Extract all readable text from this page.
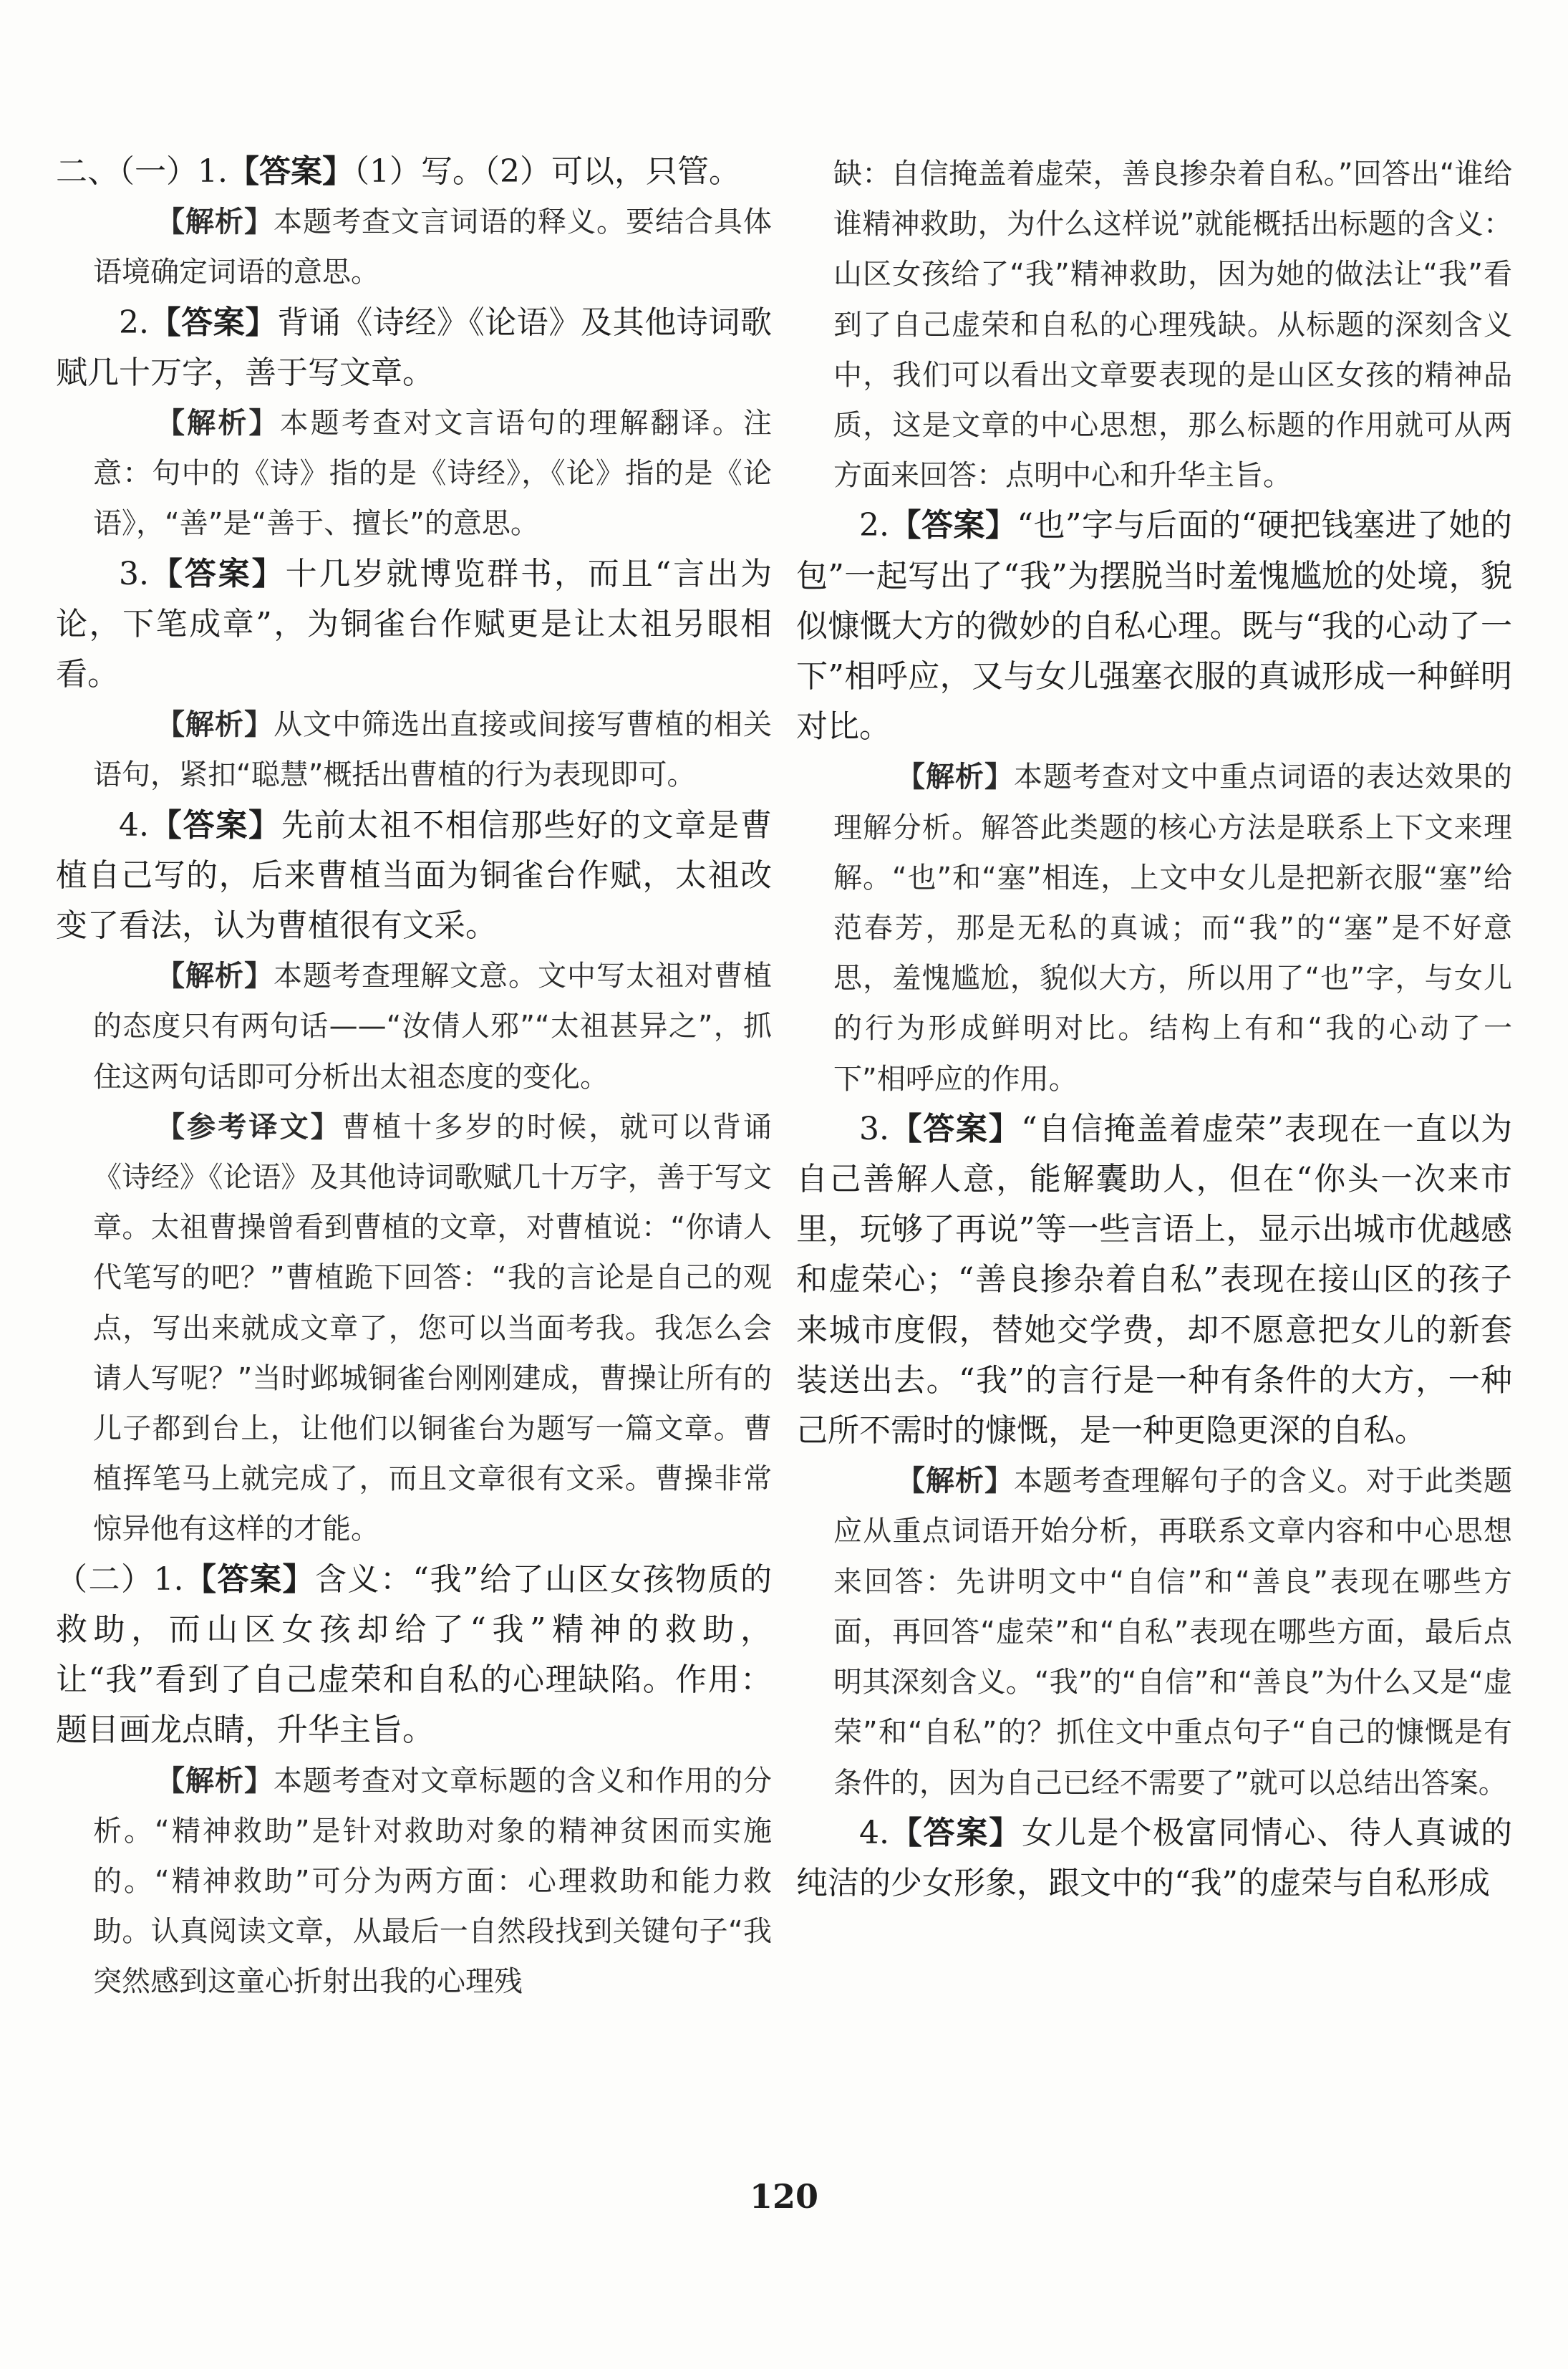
二、（一）1.【答案】（1）写。（2）可以，只管。

【解析】本题考查文言词语的释义。要结合具体语境确定词语的意思。

2.【答案】背诵《诗经》《论语》及其他诗词歌赋几十万字，善于写文章。

【解析】本题考查对文言语句的理解翻译。注意：句中的《诗》指的是《诗经》，《论》指的是《论语》，“善”是“善于、擅长”的意思。

3.【答案】十几岁就博览群书，而且“言出为论，下笔成章”，为铜雀台作赋更是让太祖另眼相看。

【解析】从文中筛选出直接或间接写曹植的相关语句，紧扣“聪慧”概括出曹植的行为表现即可。

4.【答案】先前太祖不相信那些好的文章是曹植自己写的，后来曹植当面为铜雀台作赋，太祖改变了看法，认为曹植很有文采。

【解析】本题考查理解文意。文中写太祖对曹植的态度只有两句话——“汝倩人邪”“太祖甚异之”，抓住这两句话即可分析出太祖态度的变化。

【参考译文】曹植十多岁的时候，就可以背诵《诗经》《论语》及其他诗词歌赋几十万字，善于写文章。太祖曹操曾看到曹植的文章，对曹植说：“你请人代笔写的吧？”曹植跪下回答：“我的言论是自己的观点，写出来就成文章了，您可以当面考我。我怎么会请人写呢？”当时邺城铜雀台刚刚建成，曹操让所有的儿子都到台上，让他们以铜雀台为题写一篇文章。曹植挥笔马上就完成了，而且文章很有文采。曹操非常惊异他有这样的才能。

（二）1.【答案】含义：“我”给了山区女孩物质的救助，而山区女孩却给了“我”精神的救助，让“我”看到了自己虚荣和自私的心理缺陷。作用：题目画龙点睛，升华主旨。

【解析】本题考查对文章标题的含义和作用的分析。“精神救助”是针对救助对象的精神贫困而实施的。“精神救助”可分为两方面：心理救助和能力救助。认真阅读文章，从最后一自然段找到关键句子“我突然感到这童心折射出我的心理残

缺：自信掩盖着虚荣，善良掺杂着自私。”回答出“谁给谁精神救助，为什么这样说”就能概括出标题的含义：山区女孩给了“我”精神救助，因为她的做法让“我”看到了自己虚荣和自私的心理残缺。从标题的深刻含义中，我们可以看出文章要表现的是山区女孩的精神品质，这是文章的中心思想，那么标题的作用就可从两方面来回答：点明中心和升华主旨。

2.【答案】“也”字与后面的“硬把钱塞进了她的包”一起写出了“我”为摆脱当时羞愧尴尬的处境，貌似慷慨大方的微妙的自私心理。既与“我的心动了一下”相呼应，又与女儿强塞衣服的真诚形成一种鲜明对比。

【解析】本题考查对文中重点词语的表达效果的理解分析。解答此类题的核心方法是联系上下文来理解。“也”和“塞”相连，上文中女儿是把新衣服“塞”给范春芳，那是无私的真诚；而“我”的“塞”是不好意思，羞愧尴尬，貌似大方，所以用了“也”字，与女儿的行为形成鲜明对比。结构上有和“我的心动了一下”相呼应的作用。

3.【答案】“自信掩盖着虚荣”表现在一直以为自己善解人意，能解囊助人，但在“你头一次来市里，玩够了再说”等一些言语上，显示出城市优越感和虚荣心；“善良掺杂着自私”表现在接山区的孩子来城市度假，替她交学费，却不愿意把女儿的新套装送出去。“我”的言行是一种有条件的大方，一种己所不需时的慷慨，是一种更隐更深的自私。

【解析】本题考查理解句子的含义。对于此类题应从重点词语开始分析，再联系文章内容和中心思想来回答：先讲明文中“自信”和“善良”表现在哪些方面，再回答“虚荣”和“自私”表现在哪些方面，最后点明其深刻含义。“我”的“自信”和“善良”为什么又是“虚荣”和“自私”的？抓住文中重点句子“自己的慷慨是有条件的，因为自己已经不需要了”就可以总结出答案。

4.【答案】女儿是个极富同情心、待人真诚的纯洁的少女形象，跟文中的“我”的虚荣与自私形成

120
